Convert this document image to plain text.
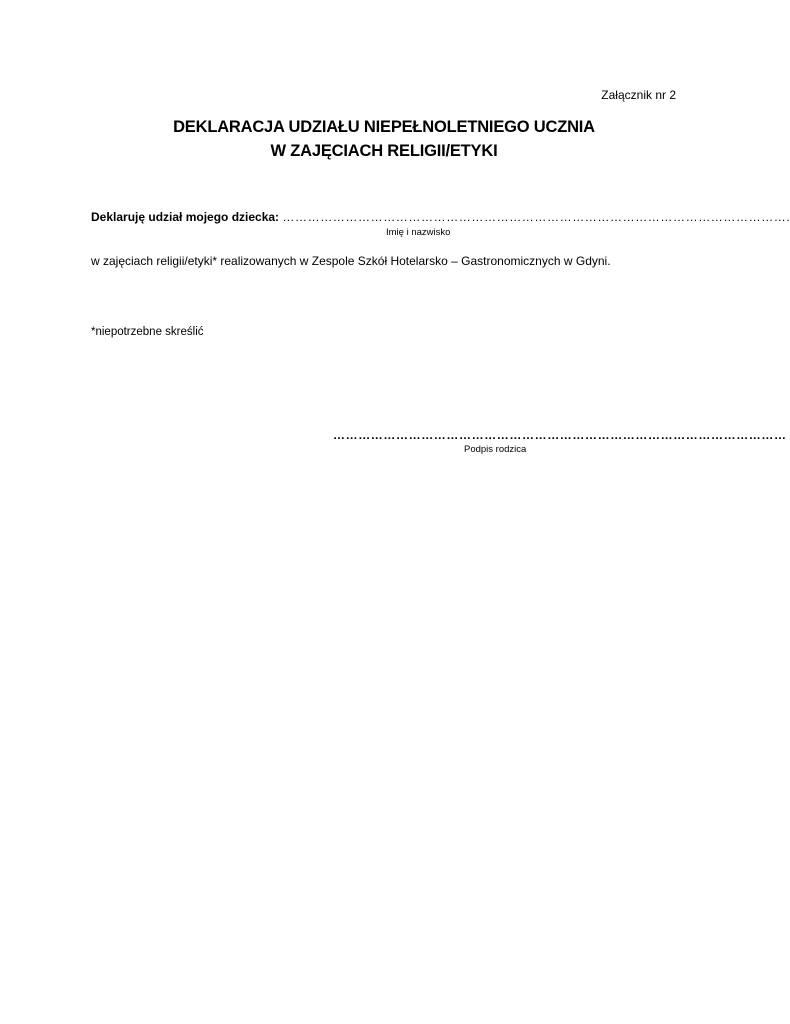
Załącznik nr 2
DEKLARACJA UDZIAŁU NIEPEŁNOLETNIEGO UCZNIA
W ZAJĘCIACH RELIGII/ETYKI
Deklaruję udział mojego dziecka: ………………………………………………………………………………………………………….
Imię i nazwisko
w zajęciach religii/etyki* realizowanych w Zespole Szkół Hotelarsko – Gastronomicznych w Gdyni.
*niepotrzebne skreślić
………………………………………………………………………………………………
Podpis rodzica
